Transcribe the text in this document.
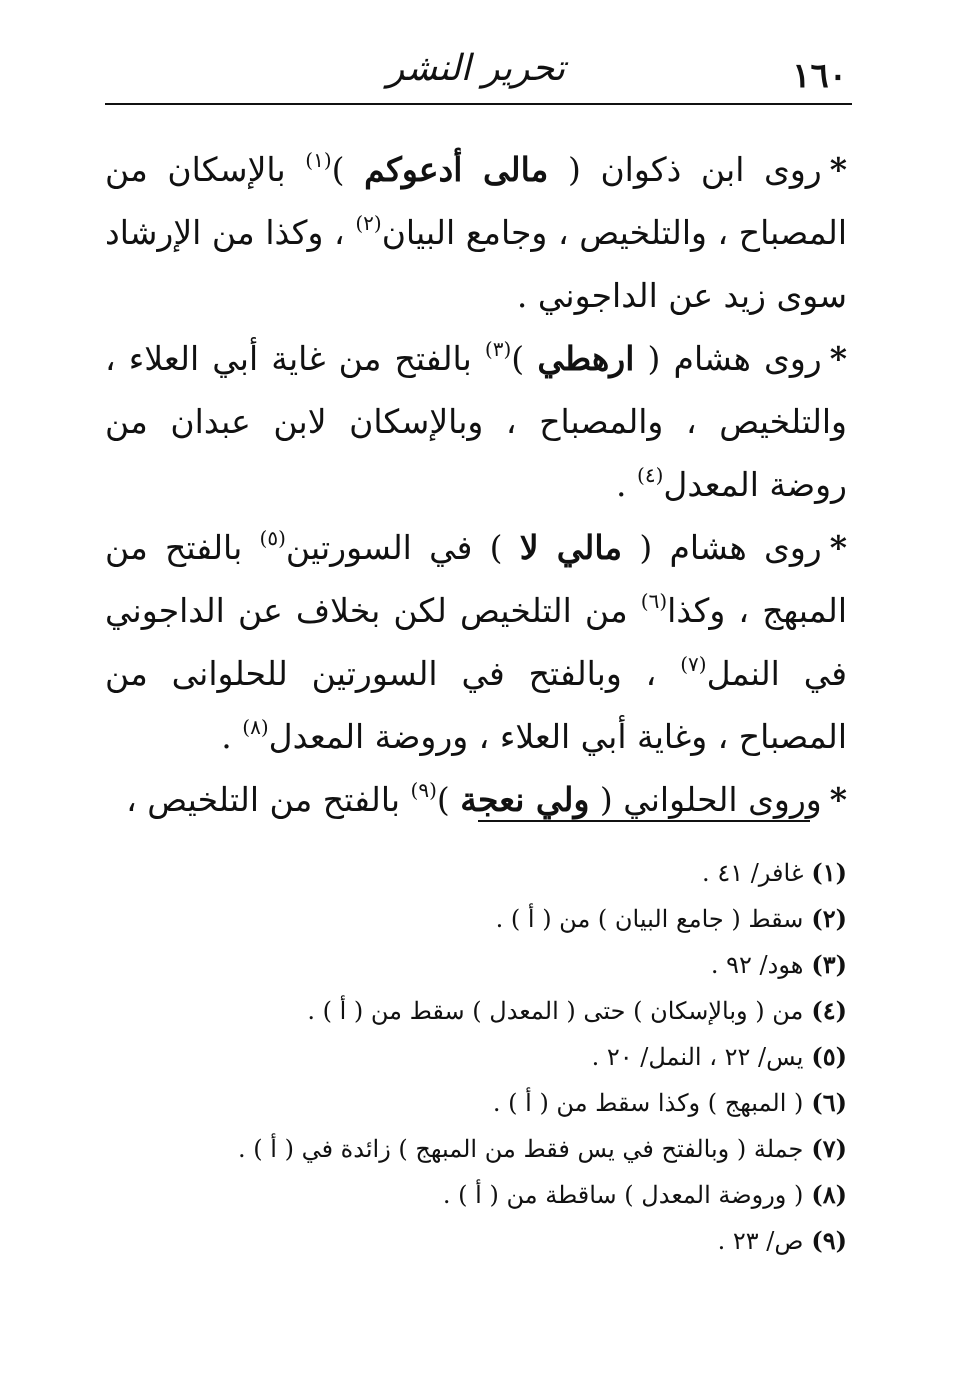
١٦٠
تحرير النشر

*روى ابن ذكوان ( مالى أدعوكم )$^{(١)}$ بالإسكان من المصباح ، والتلخيص ، وجامع البيان$^{(٢)}$ ، وكذا من الإرشاد سوى زيد عن الداجوني .

*روى هشام ( ارهطي )$^{(٣)}$ بالفتح من غاية أبي العلاء ، والتلخيص ، والمصباح ، وبالإسكان لابن عبدان من روضة المعدل$^{(٤)}$ .

*روى هشام ( مالي لا ) في السورتين$^{(٥)}$ بالفتح من المبهج ، وكذا$^{(٦)}$ من التلخيص لكن بخلاف عن الداجوني في النمل$^{(٧)}$ ، وبالفتح في السورتين للحلوانى من المصباح ، وغاية أبي العلاء ، وروضة المعدل$^{(٨)}$ .

*وروى الحلواني ( ولي نعجة )$^{(٩)}$ بالفتح من التلخيص ،

(١)غافر/ ٤١ .
(٢)سقط ( جامع البيان ) من ( أ ) .
(٣)هود/ ٩٢ .
(٤)من ( وبالإسكان ) حتى ( المعدل ) سقط من ( أ ) .
(٥)يس/ ٢٢ ، النمل/ ٢٠ .
(٦)( المبهج ) وكذا سقط من ( أ ) .
(٧)جملة ( وبالفتح في يس فقط من المبهج ) زائدة في ( أ ) .
(٨)( وروضة المعدل ) ساقطة من ( أ ) .
(٩)ص/ ٢٣ .
